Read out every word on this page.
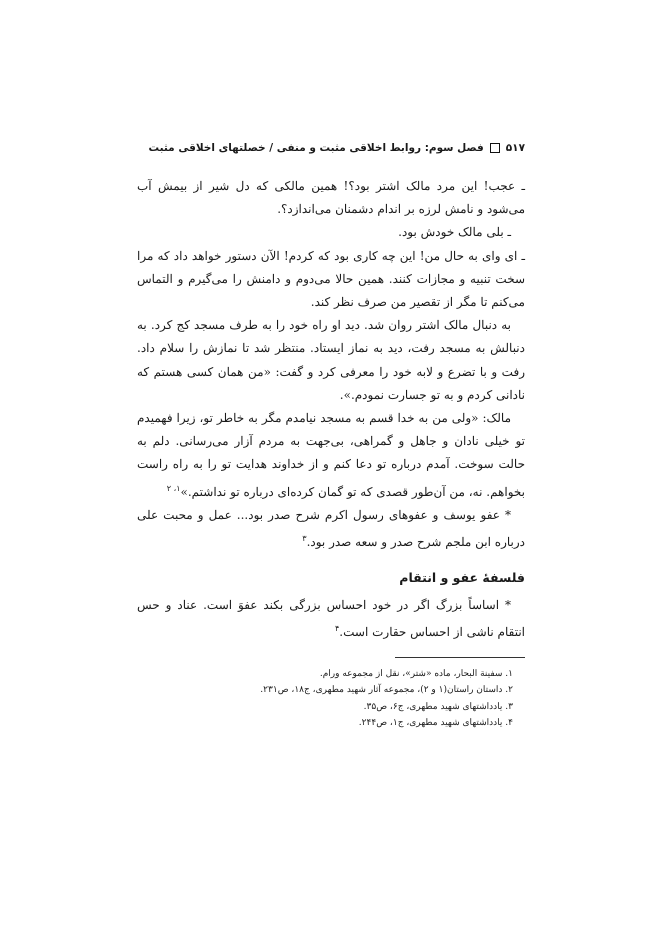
۵۱۷
فصل سوم: روابط اخلاقی مثبت و منفی / خصلتهای اخلاقی مثبت

ـ عجب! این مرد مالک اشتر بود؟! همین مالکی که دل شیر از بیمش آب می‌شود و نامش لرزه بر اندام دشمنان می‌اندازد؟.

ـ بلی مالک خودش بود.

ـ ای وای به حال من! این چه کاری بود که کردم! الآن دستور خواهد داد که مرا سخت تنبیه و مجازات کنند. همین حالا می‌دوم و دامنش را می‌گیرم و التماس می‌کنم تا مگر از تقصیر من صرف نظر کند.

به دنبال مالک اشتر روان شد. دید او راه خود را به طرف مسجد کج کرد. به دنبالش به مسجد رفت، دید به نماز ایستاد. منتظر شد تا نمازش را سلام داد. رفت و با تضرع و لابه خود را معرفی کرد و گفت: «من همان کسی هستم که نادانی کردم و به تو جسارت نمودم.».

مالک: «ولی من به خدا قسم به مسجد نیامدم مگر به خاطر تو، زیرا فهمیدم تو خیلی نادان و جاهل و گمراهی، بی‌جهت به مردم آزار می‌رسانی. دلم به حالت سوخت. آمدم درباره تو دعا کنم و از خداوند هدایت تو را به راه راست بخواهم. نه، من آن‌طور قصدی که تو گمان کرده‌ای درباره تو نداشتم.»$^{۱، ۲}$

* عفو یوسف و عفوهای رسول اکرم شرح صدر بود... عمل و محبت علی درباره ابن ملجم شرح صدر و سعه صدر بود.$^۳$

فلسفهٔ عفو و انتقام

* اساساً بزرگ اگر در خود احساس بزرگی بکند عفوَ است. عناد و حس انتقام ناشی از احساس حقارت است.$^۴$

۱. سفینة البحار، ماده «شتر»، نقل از مجموعه ورام.

۲. داستان راستان(۱ و ۲)، مجموعه آثار شهید مطهری، ج۱۸، ص۲۳۱.

۳. یادداشتهای شهید مطهری، ج۶، ص۳۵.

۴. یادداشتهای شهید مطهری، ج۱، ص۲۴۴.
